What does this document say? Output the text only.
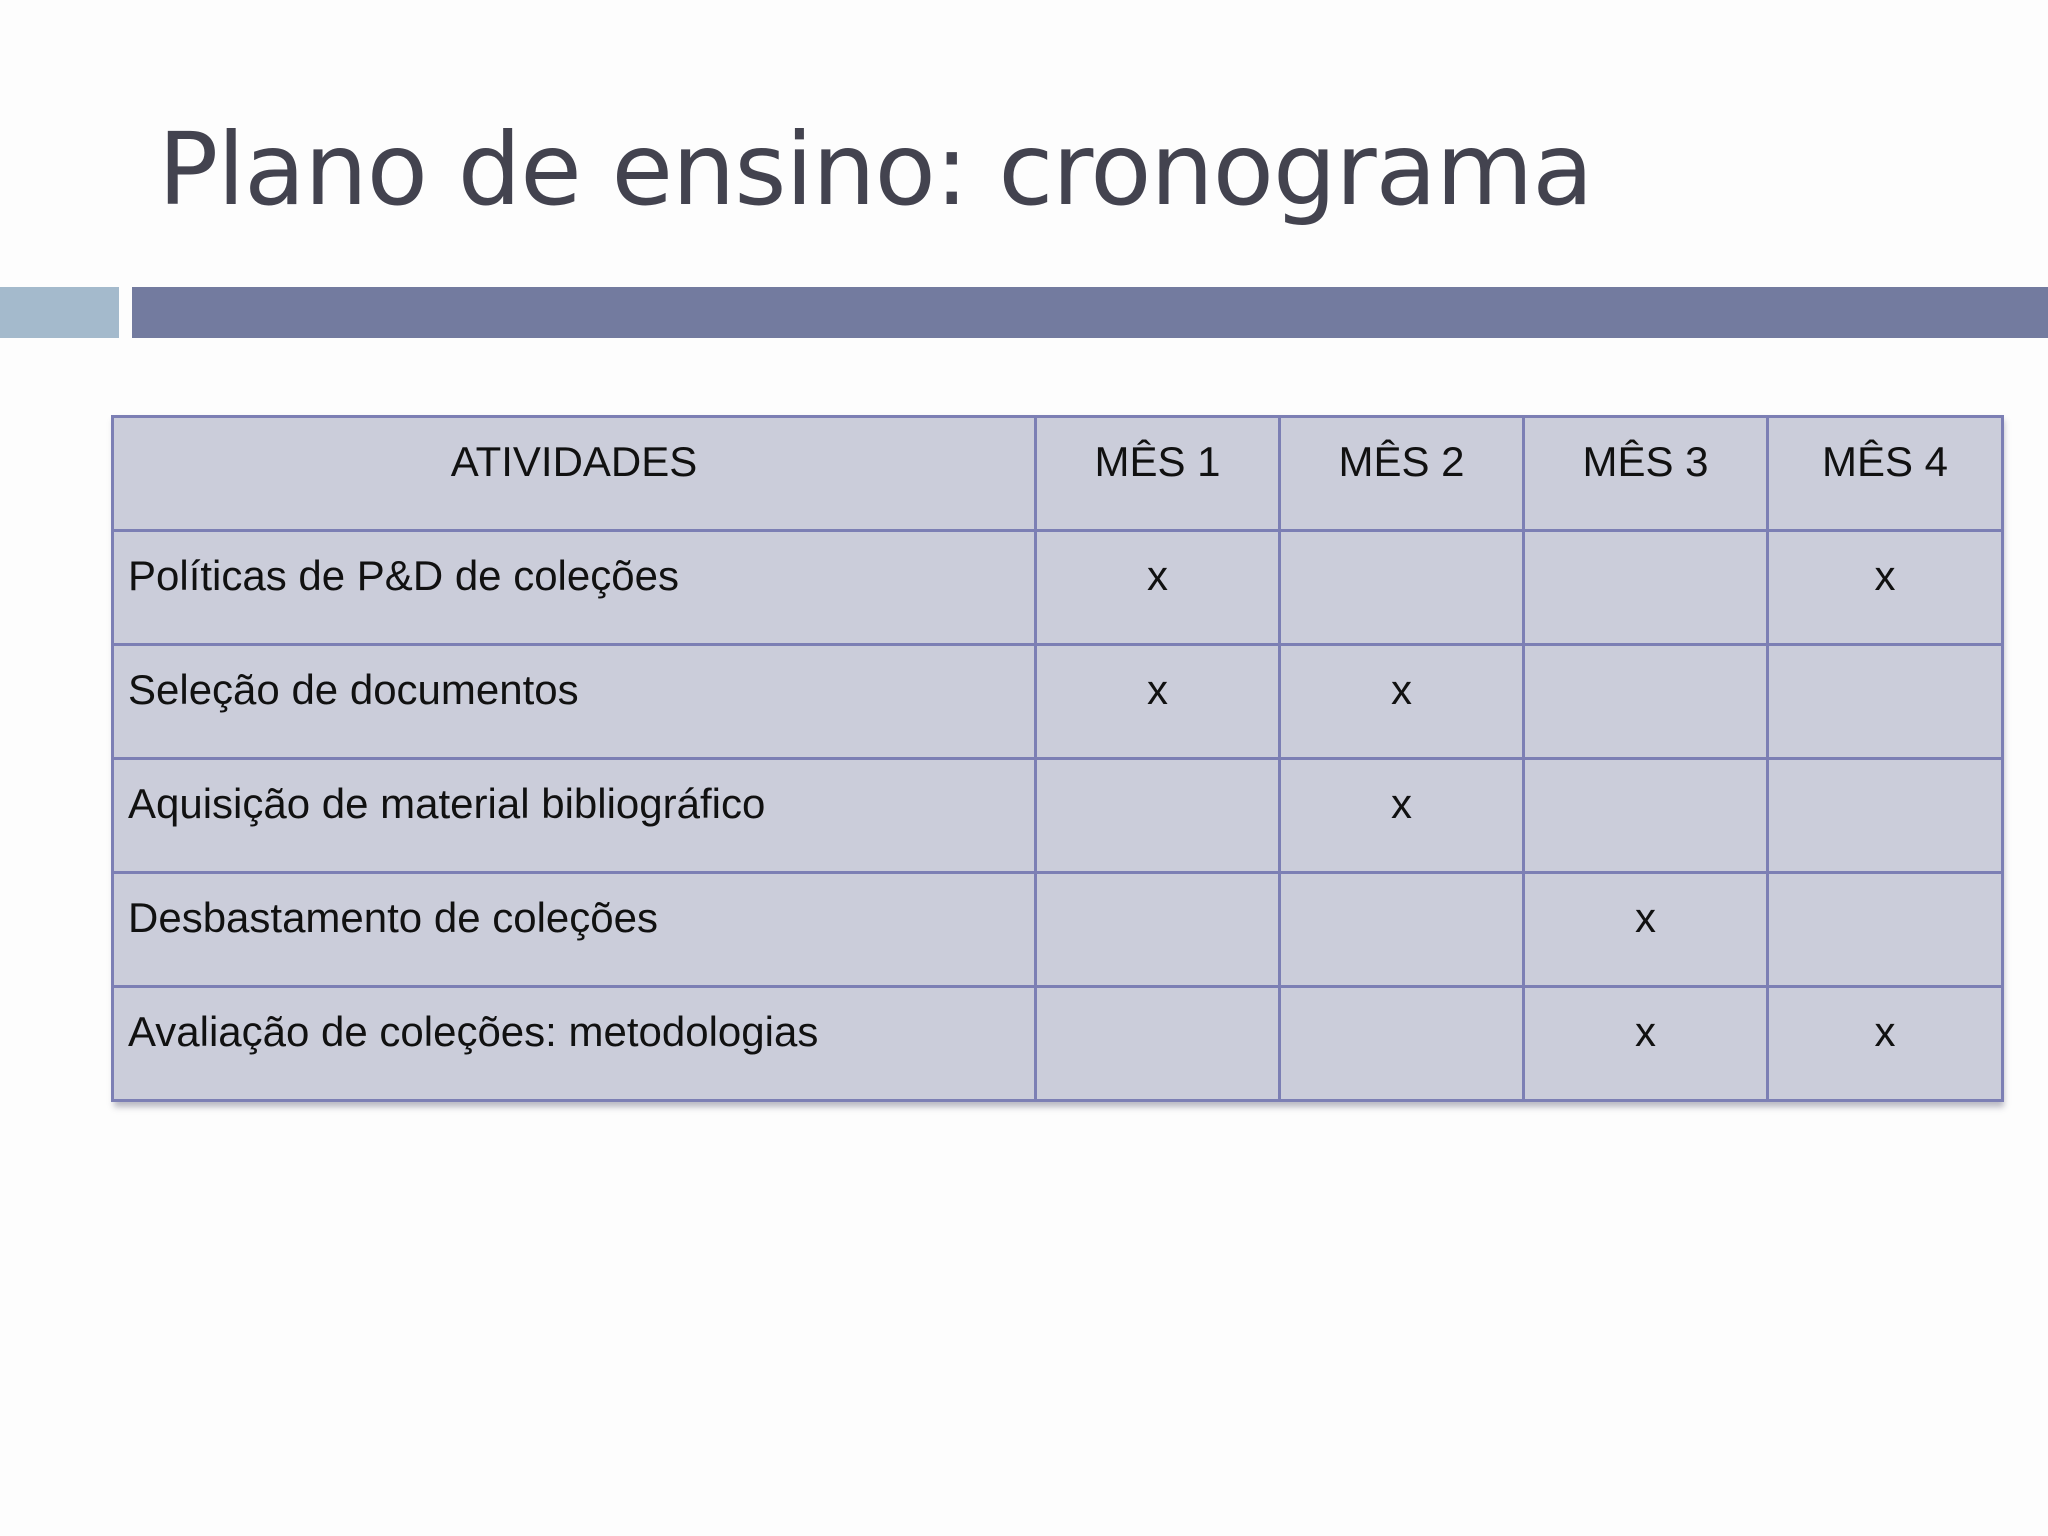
Plano de ensino: cronograma
ATIVIDADES	MÊS 1	MÊS 2	MÊS 3	MÊS 4
Políticas de P&D de coleções	x			x
Seleção de documentos	x	x		
Aquisição de material bibliográfico		x		
Desbastamento de coleções			x	
Avaliação de coleções: metodologias			x	x
